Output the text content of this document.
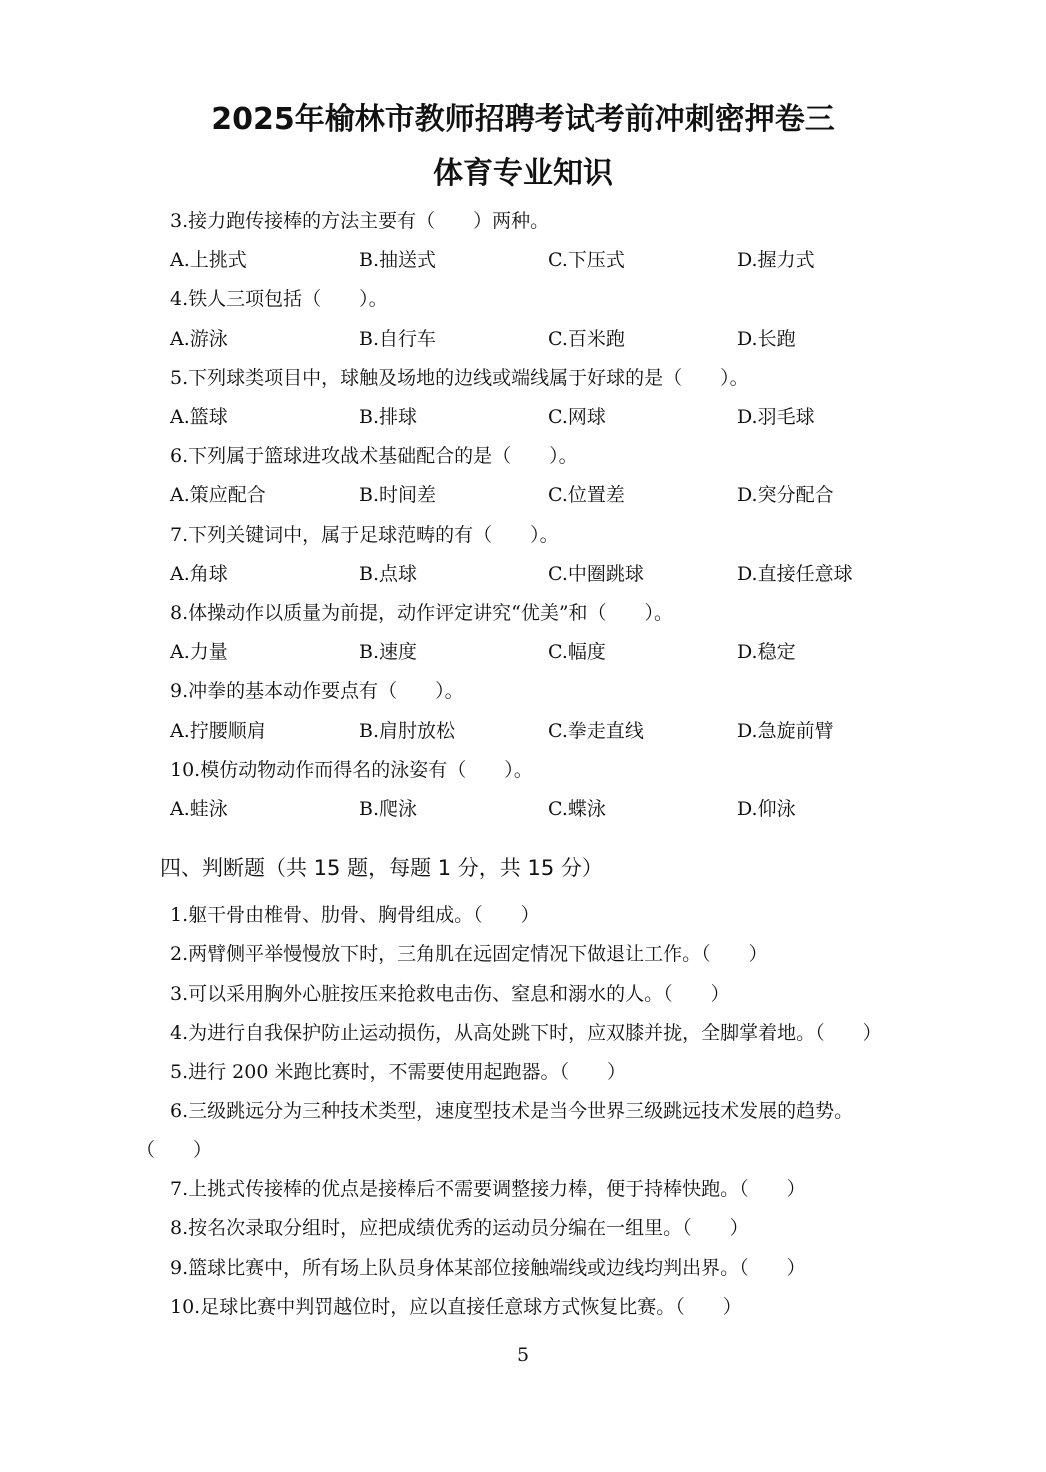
2025年榆林市教师招聘考试考前冲刺密押卷三
体育专业知识
3.接力跑传接棒的方法主要有（　　）两种。
A.上挑式	B.抽送式	C.下压式	D.握力式
4.铁人三项包括（　　）。
A.游泳	B.自行车	C.百米跑	D.长跑
5.下列球类项目中，球触及场地的边线或端线属于好球的是（　　）。
A.篮球	B.排球	C.网球	D.羽毛球
6.下列属于篮球进攻战术基础配合的是（　　）。
A.策应配合	B.时间差	C.位置差	D.突分配合
7.下列关键词中，属于足球范畴的有（　　）。
A.角球	B.点球	C.中圈跳球	D.直接任意球
8.体操动作以质量为前提，动作评定讲究“优美”和（　　）。
A.力量	B.速度	C.幅度	D.稳定
9.冲拳的基本动作要点有（　　）。
A.拧腰顺肩	B.肩肘放松	C.拳走直线	D.急旋前臂
10.模仿动物动作而得名的泳姿有（　　）。
A.蛙泳	B.爬泳	C.蝶泳	D.仰泳
四、判断题（共 15 题，每题 1 分，共 15 分）
1.躯干骨由椎骨、肋骨、胸骨组成。（　　）
2.两臂侧平举慢慢放下时，三角肌在远固定情况下做退让工作。（　　）
3.可以采用胸外心脏按压来抢救电击伤、窒息和溺水的人。（　　）
4.为进行自我保护防止运动损伤，从高处跳下时，应双膝并拢，全脚掌着地。（　　）
5.进行 200 米跑比赛时，不需要使用起跑器。（　　）
6.三级跳远分为三种技术类型，速度型技术是当今世界三级跳远技术发展的趋势。
（　　）
7.上挑式传接棒的优点是接棒后不需要调整接力棒，便于持棒快跑。（　　）
8.按名次录取分组时，应把成绩优秀的运动员分编在一组里。（　　）
9.篮球比赛中，所有场上队员身体某部位接触端线或边线均判出界。（　　）
10.足球比赛中判罚越位时，应以直接任意球方式恢复比赛。（　　）
5
